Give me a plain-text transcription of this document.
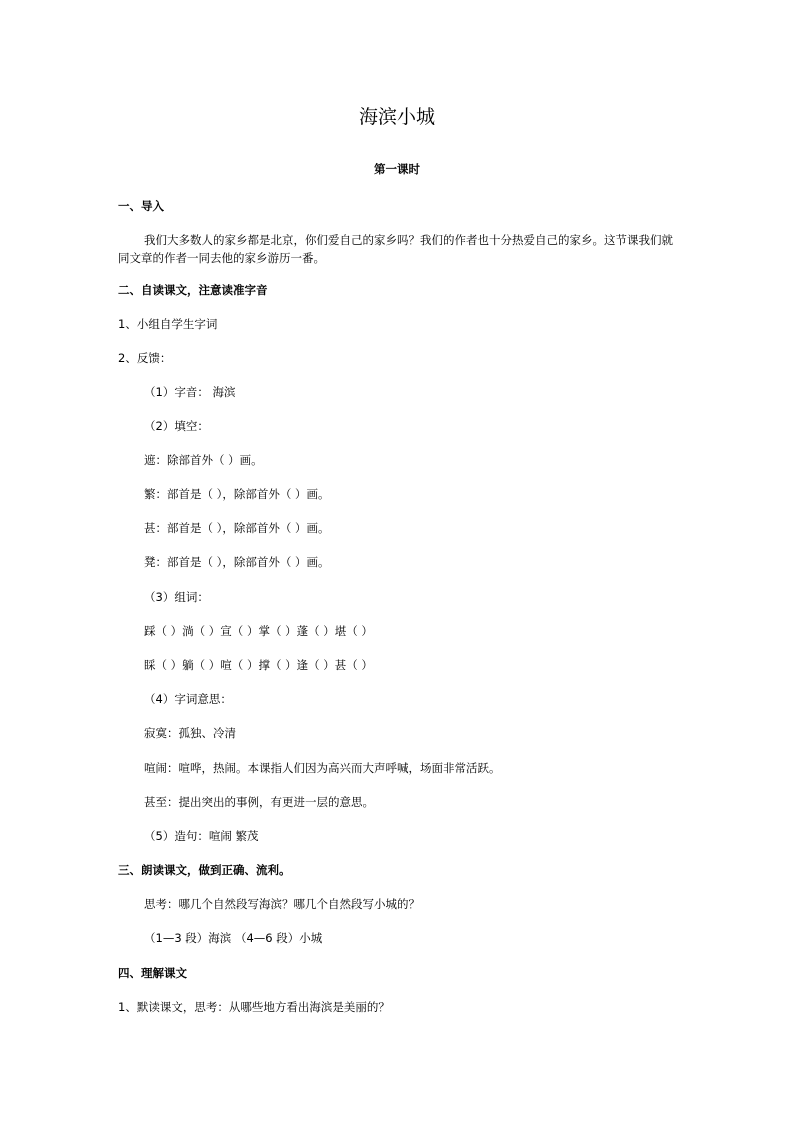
海滨小城
第一课时
一、导入
我们大多数人的家乡都是北京，你们爱自己的家乡吗？我们的作者也十分热爱自己的家乡。这节课我们就同文章的作者一同去他的家乡游历一番。
二、自读课文，注意读准字音
1、小组自学生字词
2、反馈：
（1）字音： 海滨
（2）填空：
遮：除部首外（ ）画。
繁：部首是（ ），除部首外（ ）画。
甚：部首是（ ），除部首外（ ）画。
凳：部首是（ ），除部首外（ ）画。
（3）组词：
踩（ ）淌（ ）宣（ ）掌（ ）蓬（ ）堪（ ）
睬（ ）躺（ ）喧（ ）撑（ ）逢（ ）甚（ ）
（4）字词意思：
寂寞：孤独、冷清
喧闹：喧哗，热闹。本课指人们因为高兴而大声呼喊，场面非常活跃。
甚至：提出突出的事例，有更进一层的意思。
（5）造句：喧闹 繁茂
三、朗读课文，做到正确、流利。
思考：哪几个自然段写海滨？哪几个自然段写小城的？
（1—3 段）海滨 （4—6 段）小城
四、理解课文
1、默读课文，思考：从哪些地方看出海滨是美丽的？
